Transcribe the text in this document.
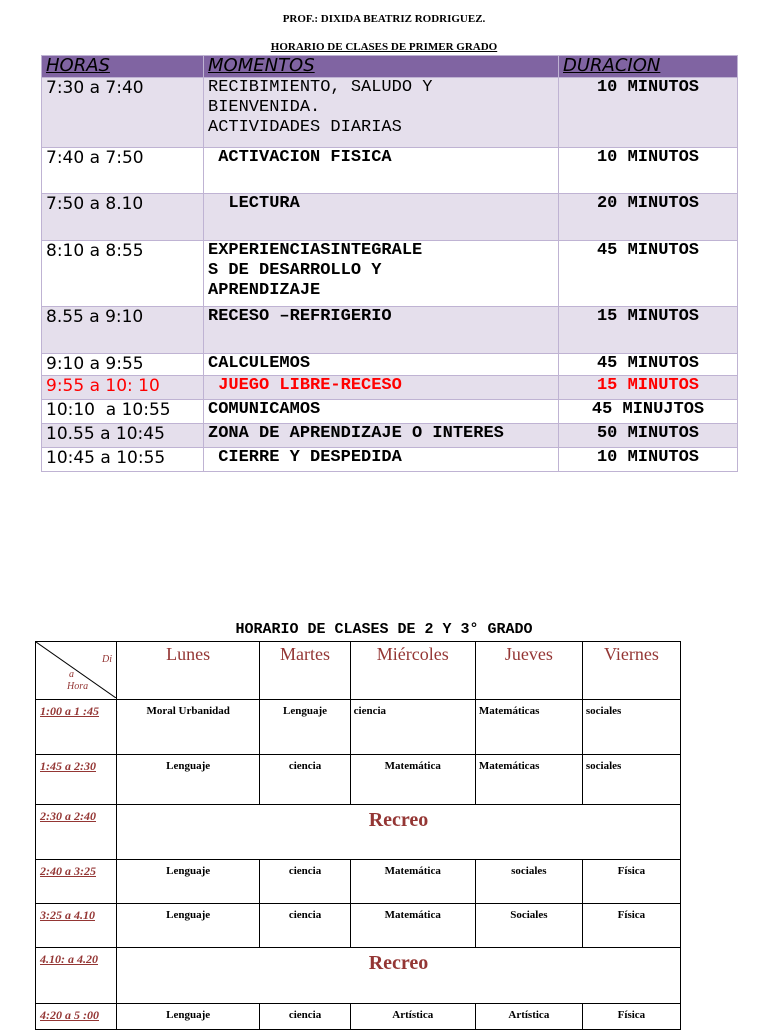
PROF.: DIXIDA BEATRIZ RODRIGUEZ.
HORARIO DE CLASES DE PRIMER GRADO
HORAS	MOMENTOS	DURACION
7:30 a 7:40	RECIBIMIENTO, SALUDO Y BIENVENIDA.
ACTIVIDADES DIARIAS	10 MINUTOS
7:40 a 7:50	ACTIVACION FISICA	10 MINUTOS
7:50 a 8.10	LECTURA	20 MINUTOS
8:10 a 8:55	EXPERIENCIASINTEGRALE
S DE DESARROLLO Y
APRENDIZAJE	45 MINUTOS
8.55 a 9:10	RECESO –REFRIGERIO	15 MINUTOS
9:10 a 9:55	CALCULEMOS	45 MINUTOS
9:55 a 10: 10	JUEGO LIBRE-RECESO	15 MINUTOS
10:10  a 10:55	COMUNICAMOS	45 MINUJTOS
10.55 a 10:45	ZONA DE APRENDIZAJE O INTERES	50 MINUTOS
10:45 a 10:55	CIERRE Y DESPEDIDA	10 MINUTOS
HORARIO DE CLASES DE 2 Y 3° GRADO
Di
a
Hora	Lunes	Martes	Miércoles	Jueves	Viernes
1:00 a 1 :45	Moral Urbanidad	Lenguaje	ciencia	Matemáticas	sociales
1:45 a 2:30	Lenguaje	ciencia	Matemática	Matemáticas	sociales
2:30 a 2:40	Recreo				
2:40 a 3:25	Lenguaje	ciencia	Matemática	sociales	Física
3:25 a 4.10	Lenguaje	ciencia	Matemática	Sociales	Física
4.10: a 4.20	Recreo				
4:20 a 5 :00	Lenguaje	ciencia	Artística	Artística	Física
